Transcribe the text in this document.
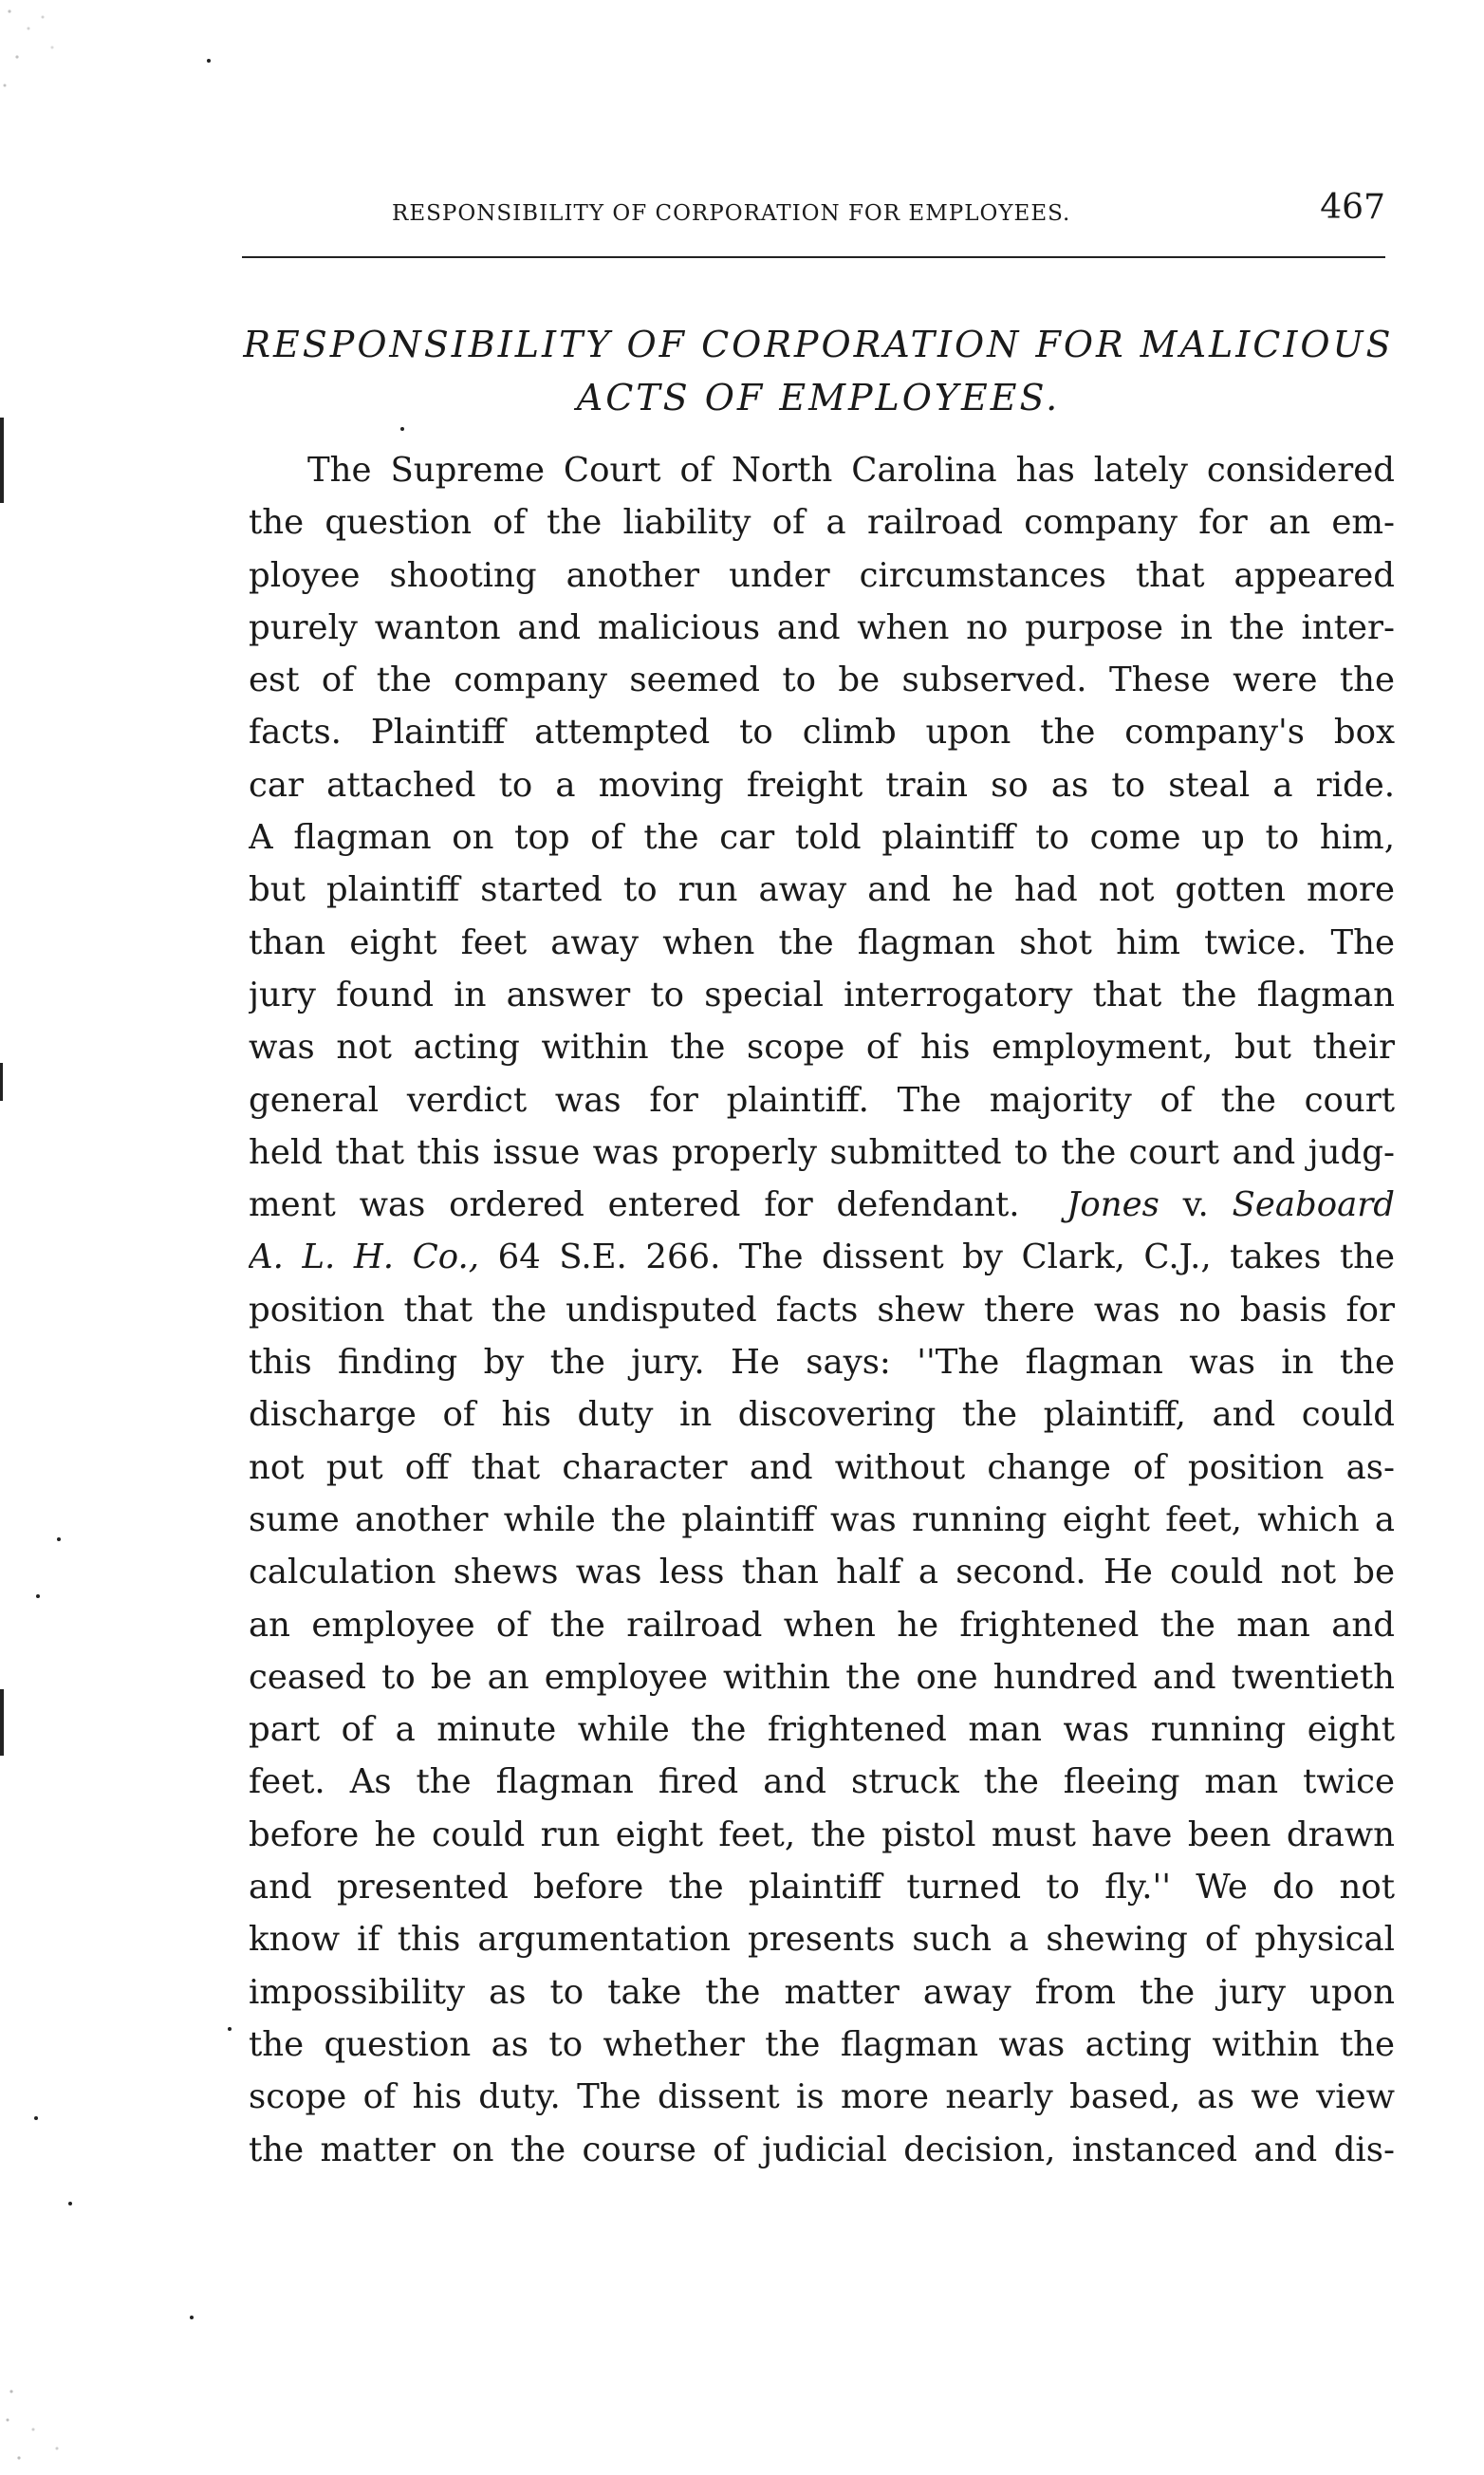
RESPONSIBILITY OF CORPORATION FOR EMPLOYEES.	467
RESPONSIBILITY OF CORPORATION FOR MALICIOUS
ACTS OF EMPLOYEES.
The Supreme Court of North Carolina has lately considered
the question of the liability of a railroad company for an em-
ployee shooting another under circumstances that appeared
purely wanton and malicious and when no purpose in the inter-
est of the company seemed to be subserved. These were the
facts. Plaintiff attempted to climb upon the company's box
car attached to a moving freight train so as to steal a ride.
A flagman on top of the car told plaintiff to come up to him,
but plaintiff started to run away and he had not gotten more
than eight feet away when the flagman shot him twice. The
jury found in answer to special interrogatory that the flagman
was not acting within the scope of his employment, but their
general verdict was for plaintiff. The majority of the court
held that this issue was properly submitted to the court and judg-
ment was ordered entered for defendant. Jones v. Seaboard
A. L. H. Co., 64 S.E. 266. The dissent by Clark, C.J., takes the
position that the undisputed facts shew there was no basis for
this finding by the jury. He says: ''The flagman was in the
discharge of his duty in discovering the plaintiff, and could
not put off that character and without change of position as-
sume another while the plaintiff was running eight feet, which a
calculation shews was less than half a second. He could not be
an employee of the railroad when he frightened the man and
ceased to be an employee within the one hundred and twentieth
part of a minute while the frightened man was running eight
feet. As the flagman fired and struck the fleeing man twice
before he could run eight feet, the pistol must have been drawn
and presented before the plaintiff turned to fly.'' We do not
know if this argumentation presents such a shewing of physical
impossibility as to take the matter away from the jury upon
the question as to whether the flagman was acting within the
scope of his duty. The dissent is more nearly based, as we view
the matter on the course of judicial decision, instanced and dis-
